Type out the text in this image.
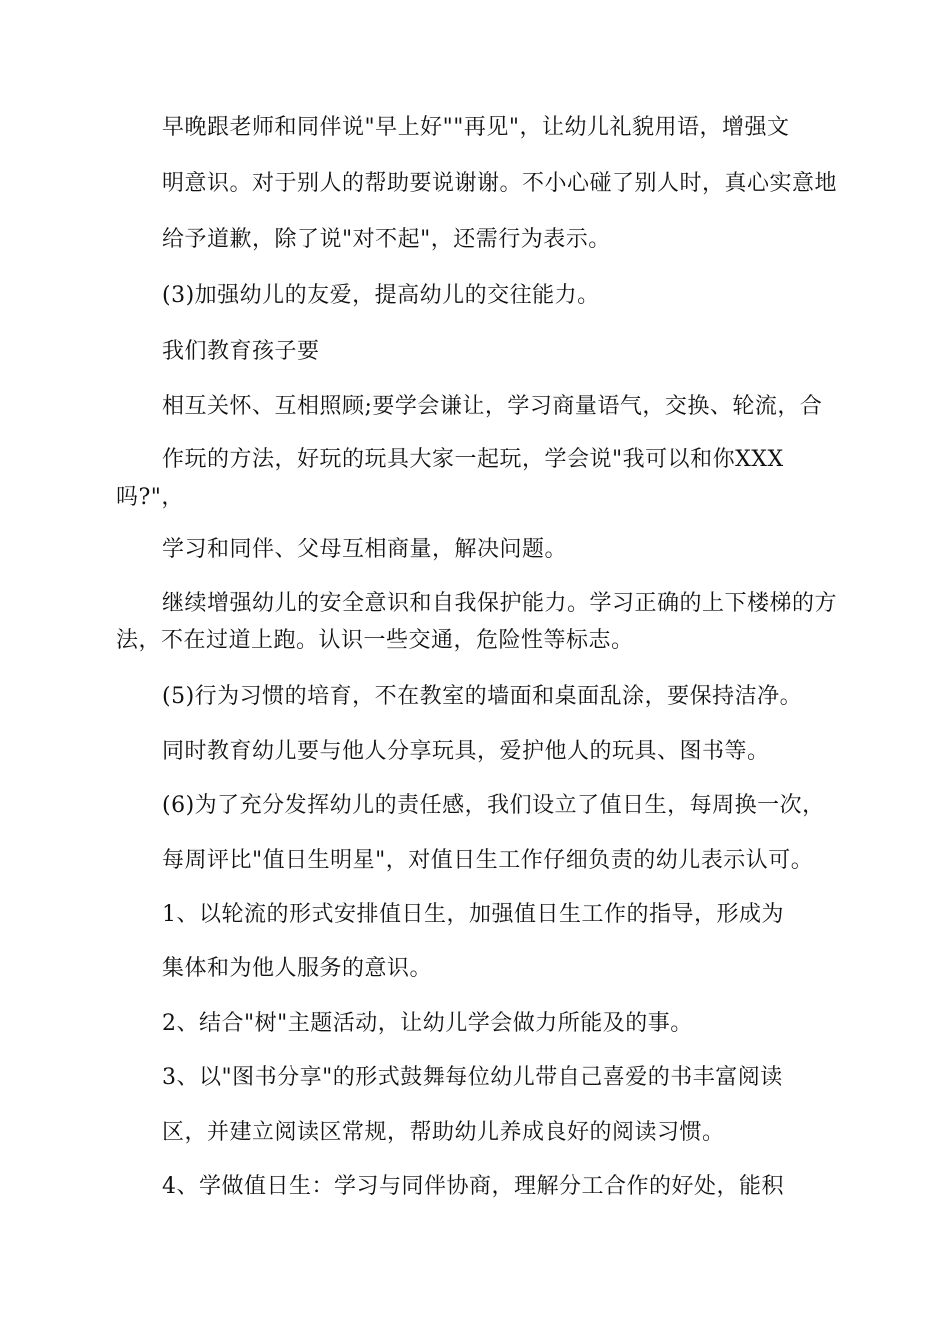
早晚跟老师和同伴说"早上好""再见"，让幼儿礼貌用语，增强文

明意识。对于别人的帮助要说谢谢。不小心碰了别人时，真心实意地

给予道歉，除了说"对不起"，还需行为表示。

(3)加强幼儿的友爱，提高幼儿的交往能力。

我们教育孩子要

相互关怀、互相照顾;要学会谦让，学习商量语气，交换、轮流，合

作玩的方法，好玩的玩具大家一起玩，学会说"我可以和你XXX

吗?"，

学习和同伴、父母互相商量，解决问题。

继续增强幼儿的安全意识和自我保护能力。学习正确的上下楼梯的方

法，不在过道上跑。认识一些交通，危险性等标志。

(5)行为习惯的培育，不在教室的墙面和桌面乱涂，要保持洁净。

同时教育幼儿要与他人分享玩具，爱护他人的玩具、图书等。

(6)为了充分发挥幼儿的责任感，我们设立了值日生，每周换一次，

每周评比"值日生明星"，对值日生工作仔细负责的幼儿表示认可。

1、以轮流的形式安排值日生，加强值日生工作的指导，形成为

集体和为他人服务的意识。

2、结合"树"主题活动，让幼儿学会做力所能及的事。

3、以"图书分享"的形式鼓舞每位幼儿带自己喜爱的书丰富阅读

区，并建立阅读区常规，帮助幼儿养成良好的阅读习惯。

4、学做值日生：学习与同伴协商，理解分工合作的好处，能积
